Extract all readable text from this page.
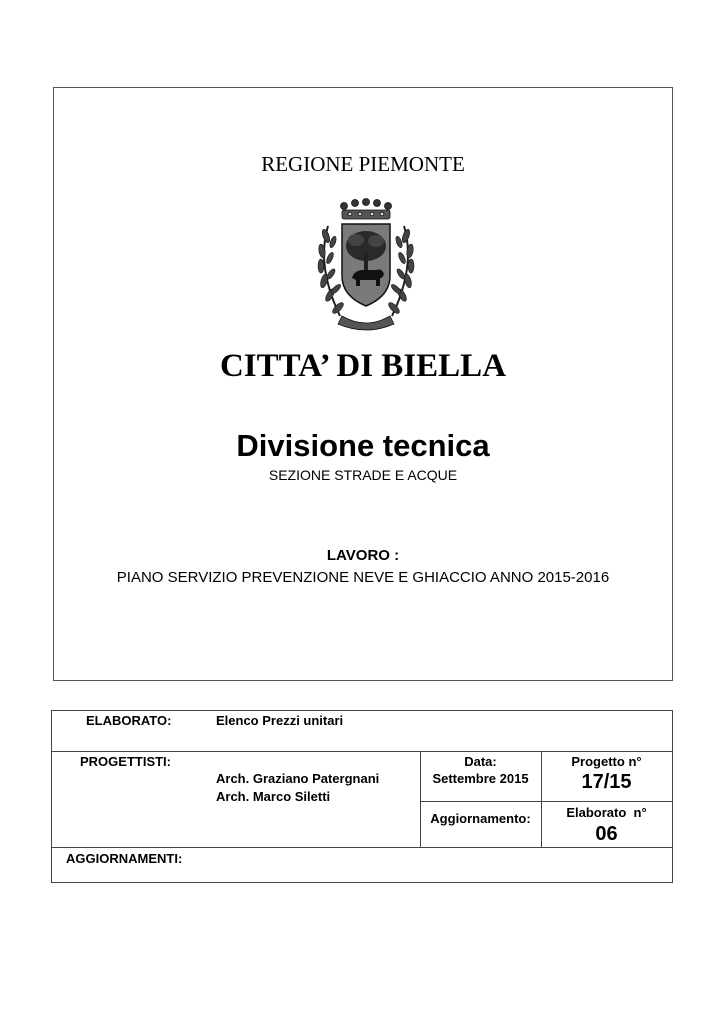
REGIONE PIEMONTE
CITTA’ DI BIELLA
Divisione tecnica
SEZIONE STRADE E ACQUE
LAVORO :
PIANO SERVIZIO PREVENZIONE NEVE E GHIACCIO ANNO 2015-2016
ELABORATO:	Elenco Prezzi unitari
PROGETTISTI:
Arch. Graziano Patergnani
Arch. Marco Siletti
Data:
Settembre 2015
Progetto n°
17/15
Aggiornamento:	Elaborato  n°
06
AGGIORNAMENTI:
